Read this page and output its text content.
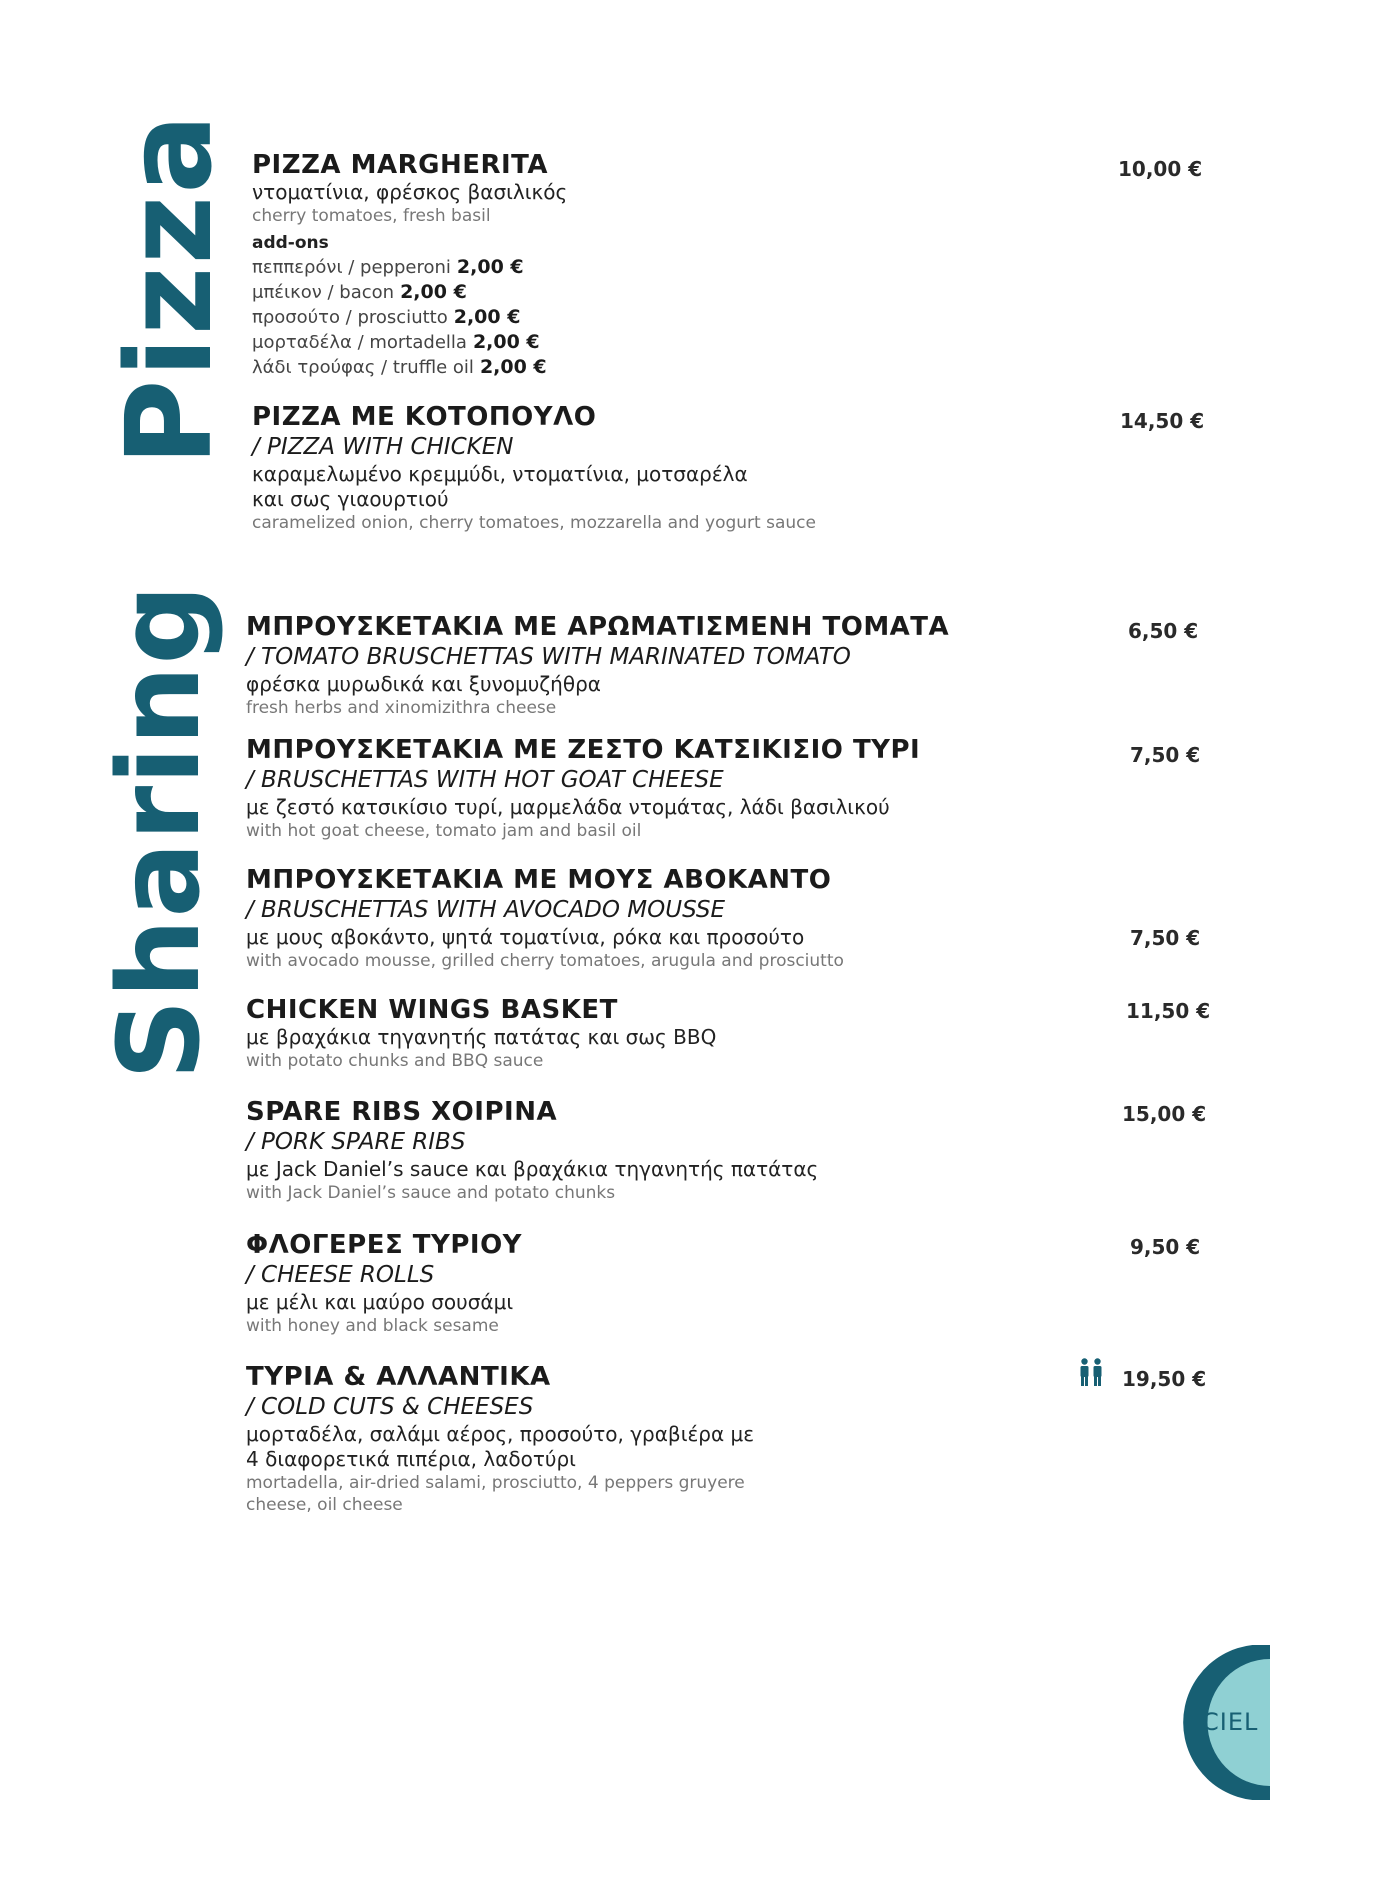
Pizza
Sharing
PIZZA MARGHERITA
ντοματίνια, φρέσκος βασιλικός
cherry tomatoes, fresh basil
add-ons
πεππερόνι / pepperoni 2,00 €
μπέικον / bacon 2,00 €
προσούτο / prosciutto 2,00 €
μορταδέλα / mortadella 2,00 €
λάδι τρούφας / truffle oil 2,00 €
10,00 €
PIZZA ΜΕ ΚΟΤΟΠΟΥΛΟ
/ PIZZA WITH CHICKEN
καραμελωμένο κρεμμύδι, ντοματίνια, μοτσαρέλα
και σως γιαουρτιού
caramelized onion, cherry tomatoes, mozzarella and yogurt sauce
14,50 €
ΜΠΡΟΥΣΚΕΤΑΚΙΑ ΜΕ ΑΡΩΜΑΤΙΣΜΕΝΗ ΤΟΜΑΤΑ
/ TOMATO BRUSCHETTAS WITH MARINATED TOMATO
φρέσκα μυρωδικά και ξυνομυζήθρα
fresh herbs and xinomizithra cheese
6,50 €
ΜΠΡΟΥΣΚΕΤΑΚΙΑ ΜΕ ΖΕΣΤΟ ΚΑΤΣΙΚΙΣΙΟ ΤΥΡΙ
/ BRUSCHETTAS WITH HOT GOAT CHEESE
με ζεστό κατσικίσιο τυρί, μαρμελάδα ντομάτας, λάδι βασιλικού
with hot goat cheese, tomato jam and basil oil
7,50 €
ΜΠΡΟΥΣΚΕΤΑΚΙΑ ΜΕ ΜΟΥΣ ΑΒΟΚΑΝΤΟ
/ BRUSCHETTAS WITH AVOCADO MOUSSE
με μους αβοκάντο, ψητά τοματίνια, ρόκα και προσούτο
with avocado mousse, grilled cherry tomatoes, arugula and prosciutto
7,50 €
CHICKEN WINGS BASKET
με βραχάκια τηγανητής πατάτας και σως BBQ
with potato chunks and BBQ sauce
11,50 €
SPARE RIBS ΧΟΙΡΙΝΑ
/ PORK SPARE RIBS
με Jack Daniel’s sauce και βραχάκια τηγανητής πατάτας
with Jack Daniel’s sauce and potato chunks
15,00 €
ΦΛΟΓΕΡΕΣ ΤΥΡΙΟΥ
/ CHEESE ROLLS
με μέλι και μαύρο σουσάμι
with honey and black sesame
9,50 €
ΤΥΡΙΑ & ΑΛΛΑΝΤΙΚΑ
/ COLD CUTS & CHEESES
μορταδέλα, σαλάμι αέρος, προσούτο, γραβιέρα με
4 διαφορετικά πιπέρια, λαδοτύρι
mortadella, air-dried salami, prosciutto, 4 peppers gruyere
cheese, oil cheese
19,50 €
CIEL
